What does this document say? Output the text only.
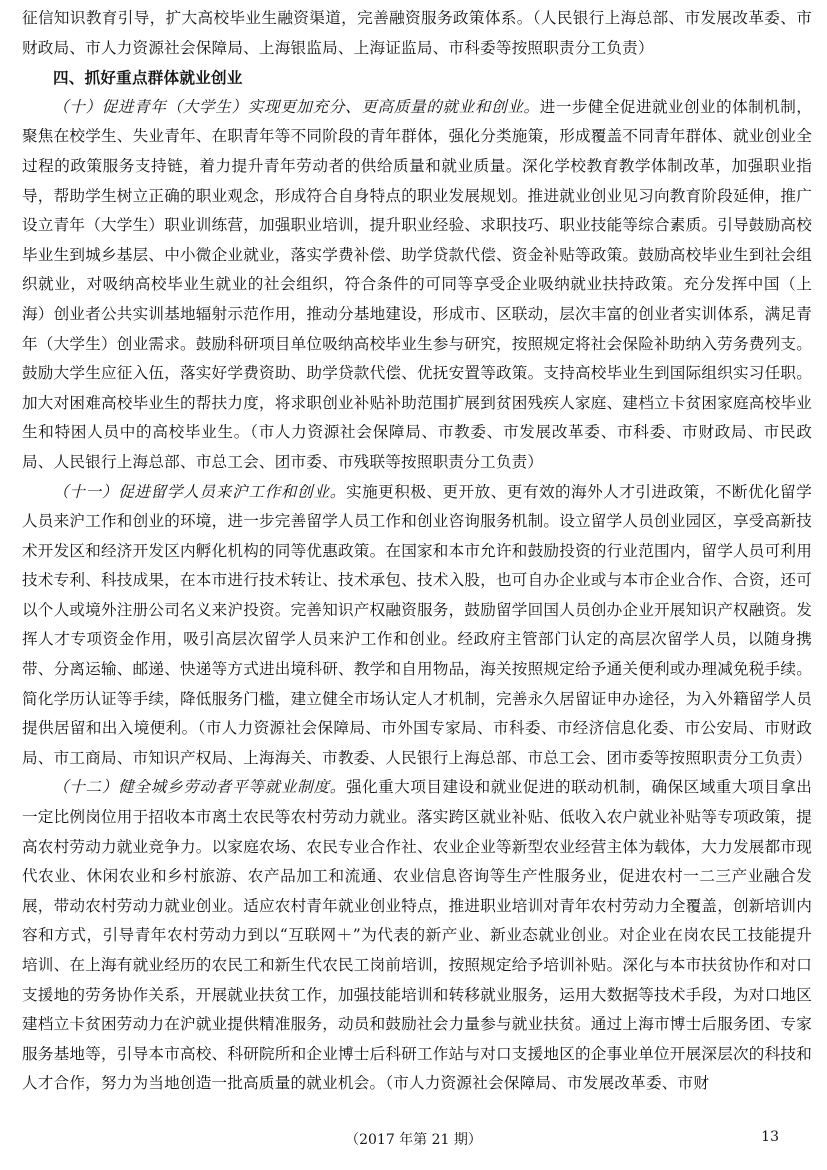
征信知识教育引导，扩大高校毕业生融资渠道，完善融资服务政策体系。（人民银行上海总部、市发展改革委、市财政局、市人力资源社会保障局、上海银监局、上海证监局、市科委等按照职责分工负责）

四、抓好重点群体就业创业

（十）促进青年（大学生）实现更加充分、更高质量的就业和创业。进一步健全促进就业创业的体制机制，聚焦在校学生、失业青年、在职青年等不同阶段的青年群体，强化分类施策，形成覆盖不同青年群体、就业创业全过程的政策服务支持链，着力提升青年劳动者的供给质量和就业质量。深化学校教育教学体制改革，加强职业指导，帮助学生树立正确的职业观念，形成符合自身特点的职业发展规划。推进就业创业见习向教育阶段延伸，推广设立青年（大学生）职业训练营，加强职业培训，提升职业经验、求职技巧、职业技能等综合素质。引导鼓励高校毕业生到城乡基层、中小微企业就业，落实学费补偿、助学贷款代偿、资金补贴等政策。鼓励高校毕业生到社会组织就业，对吸纳高校毕业生就业的社会组织，符合条件的可同等享受企业吸纳就业扶持政策。充分发挥中国（上海）创业者公共实训基地辐射示范作用，推动分基地建设，形成市、区联动，层次丰富的创业者实训体系，满足青年（大学生）创业需求。鼓励科研项目单位吸纳高校毕业生参与研究，按照规定将社会保险补助纳入劳务费列支。鼓励大学生应征入伍，落实好学费资助、助学贷款代偿、优抚安置等政策。支持高校毕业生到国际组织实习任职。加大对困难高校毕业生的帮扶力度，将求职创业补贴补助范围扩展到贫困残疾人家庭、建档立卡贫困家庭高校毕业生和特困人员中的高校毕业生。（市人力资源社会保障局、市教委、市发展改革委、市科委、市财政局、市民政局、人民银行上海总部、市总工会、团市委、市残联等按照职责分工负责）

（十一）促进留学人员来沪工作和创业。实施更积极、更开放、更有效的海外人才引进政策，不断优化留学人员来沪工作和创业的环境，进一步完善留学人员工作和创业咨询服务机制。设立留学人员创业园区，享受高新技术开发区和经济开发区内孵化机构的同等优惠政策。在国家和本市允许和鼓励投资的行业范围内，留学人员可利用技术专利、科技成果，在本市进行技术转让、技术承包、技术入股，也可自办企业或与本市企业合作、合资，还可以个人或境外注册公司名义来沪投资。完善知识产权融资服务，鼓励留学回国人员创办企业开展知识产权融资。发挥人才专项资金作用，吸引高层次留学人员来沪工作和创业。经政府主管部门认定的高层次留学人员，以随身携带、分离运输、邮递、快递等方式进出境科研、教学和自用物品，海关按照规定给予通关便利或办理减免税手续。简化学历认证等手续，降低服务门槛，建立健全市场认定人才机制，完善永久居留证申办途径，为入外籍留学人员提供居留和出入境便利。（市人力资源社会保障局、市外国专家局、市科委、市经济信息化委、市公安局、市财政局、市工商局、市知识产权局、上海海关、市教委、人民银行上海总部、市总工会、团市委等按照职责分工负责）

（十二）健全城乡劳动者平等就业制度。强化重大项目建设和就业促进的联动机制，确保区域重大项目拿出一定比例岗位用于招收本市离土农民等农村劳动力就业。落实跨区就业补贴、低收入农户就业补贴等专项政策，提高农村劳动力就业竞争力。以家庭农场、农民专业合作社、农业企业等新型农业经营主体为载体，大力发展都市现代农业、休闲农业和乡村旅游、农产品加工和流通、农业信息咨询等生产性服务业，促进农村一二三产业融合发展，带动农村劳动力就业创业。适应农村青年就业创业特点，推进职业培训对青年农村劳动力全覆盖，创新培训内容和方式，引导青年农村劳动力到以“互联网＋”为代表的新产业、新业态就业创业。对企业在岗农民工技能提升培训、在上海有就业经历的农民工和新生代农民工岗前培训，按照规定给予培训补贴。深化与本市扶贫协作和对口支援地的劳务协作关系，开展就业扶贫工作，加强技能培训和转移就业服务，运用大数据等技术手段，为对口地区建档立卡贫困劳动力在沪就业提供精准服务，动员和鼓励社会力量参与就业扶贫。通过上海市博士后服务团、专家服务基地等，引导本市高校、科研院所和企业博士后科研工作站与对口支援地区的企事业单位开展深层次的科技和人才合作，努力为当地创造一批高质量的就业机会。（市人力资源社会保障局、市发展改革委、市财

（2017 年第 21 期）	13
